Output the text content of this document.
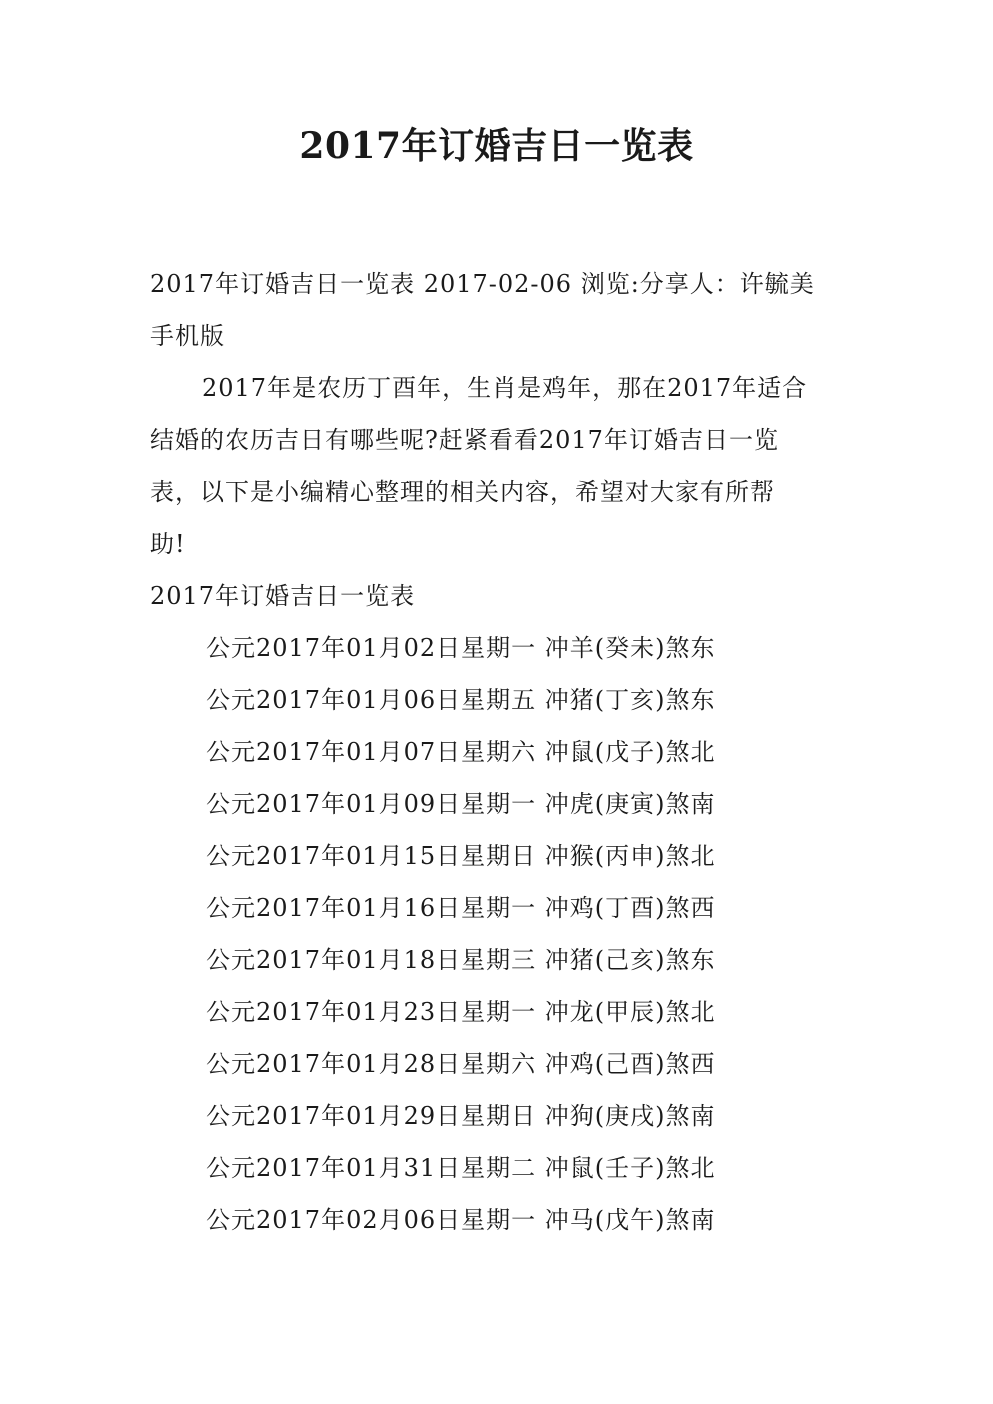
2017年订婚吉日一览表

2017年订婚吉日一览表 2017-02-06 浏览:分享人：许毓美

手机版

2017年是农历丁酉年，生肖是鸡年，那在2017年适合

结婚的农历吉日有哪些呢?赶紧看看2017年订婚吉日一览

表，以下是小编精心整理的相关内容，希望对大家有所帮

助!

2017年订婚吉日一览表

公元2017年01月02日星期一 冲羊(癸未)煞东
公元2017年01月06日星期五 冲猪(丁亥)煞东
公元2017年01月07日星期六 冲鼠(戊子)煞北
公元2017年01月09日星期一 冲虎(庚寅)煞南
公元2017年01月15日星期日 冲猴(丙申)煞北
公元2017年01月16日星期一 冲鸡(丁酉)煞西
公元2017年01月18日星期三 冲猪(己亥)煞东
公元2017年01月23日星期一 冲龙(甲辰)煞北
公元2017年01月28日星期六 冲鸡(己酉)煞西
公元2017年01月29日星期日 冲狗(庚戌)煞南
公元2017年01月31日星期二 冲鼠(壬子)煞北
公元2017年02月06日星期一 冲马(戊午)煞南
